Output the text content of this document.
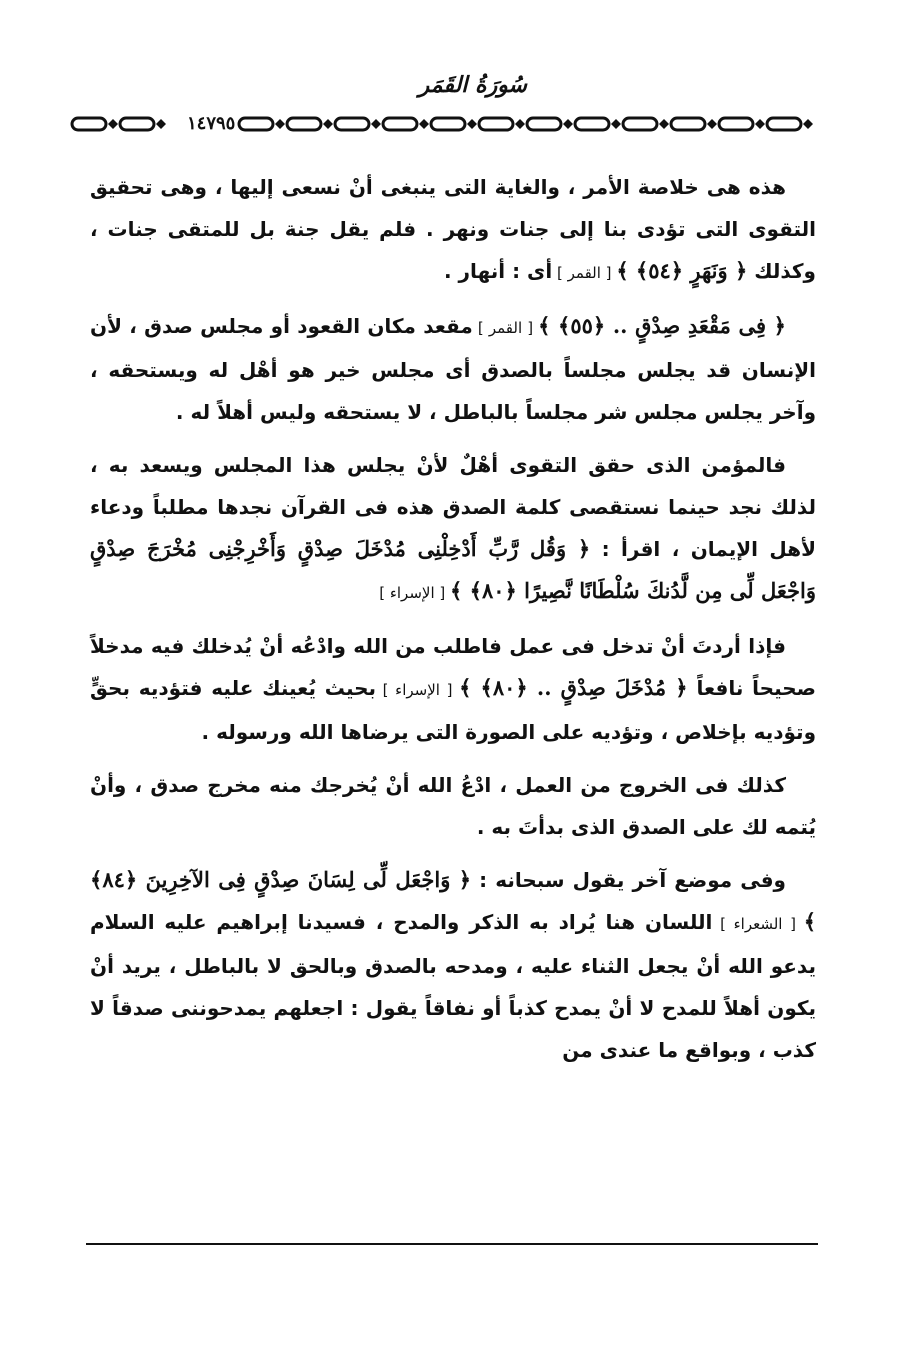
سُورَةُ القَمَر
١٤٧٩٥

هذه هى خلاصة الأمر ، والغاية التى ينبغى أنْ نسعى إليها ، وهى تحقيق التقوى التى تؤدى بنا إلى جنات ونهر . فلم يقل جنة بل للمتقى جنات ، وكذلك ﴿ وَنَهَرٍ ﴿٥٤﴾ ﴾ [ القمر ] أى : أنهار .

﴿ فِى مَقْعَدِ صِدْقٍ .. ﴿٥٥﴾ ﴾ [ القمر ] مقعد مكان القعود أو مجلس صدق ، لأن الإنسان قد يجلس مجلساً بالصدق أى مجلس خير هو أهْل له ويستحقه ، وآخر يجلس مجلس شر مجلساً بالباطل ، لا يستحقه وليس أهلاً له .

فالمؤمن الذى حقق التقوى أهْلٌ لأنْ يجلس هذا المجلس ويسعد به ، لذلك نجد حينما نستقصى كلمة الصدق هذه فى القرآن نجدها مطلباً ودعاء لأهل الإيمان ، اقرأ : ﴿ وَقُل رَّبِّ أَدْخِلْنِى مُدْخَلَ صِدْقٍ وَأَخْرِجْنِى مُخْرَجَ صِدْقٍ وَاجْعَل لِّى مِن لَّدُنكَ سُلْطَانًا نَّصِيرًا ﴿٨٠﴾ ﴾ [ الإسراء ]

فإذا أردتَ أنْ تدخل فى عمل فاطلب من الله وادْعُه أنْ يُدخلك فيه مدخلاً صحيحاً نافعاً ﴿ مُدْخَلَ صِدْقٍ .. ﴿٨٠﴾ ﴾ [ الإسراء ] بحيث يُعينك عليه فتؤديه بحقٍّ وتؤديه بإخلاص ، وتؤديه على الصورة التى يرضاها الله ورسوله .

كذلك فى الخروج من العمل ، ادْعُ الله أنْ يُخرجك منه مخرج صدق ، وأنْ يُتمه لك على الصدق الذى بدأتَ به .

وفى موضع آخر يقول سبحانه : ﴿ وَاجْعَل لِّى لِسَانَ صِدْقٍ فِى الآخِرِينَ ﴿٨٤﴾ ﴾ [ الشعراء ] اللسان هنا يُراد به الذكر والمدح ، فسيدنا إبراهيم عليه السلام يدعو الله أنْ يجعل الثناء عليه ، ومدحه بالصدق وبالحق لا بالباطل ، يريد أنْ يكون أهلاً للمدح لا أنْ يمدح كذباً أو نفاقاً يقول : اجعلهم يمدحوننى صدقاً لا كذب ، وبواقع ما عندى من
